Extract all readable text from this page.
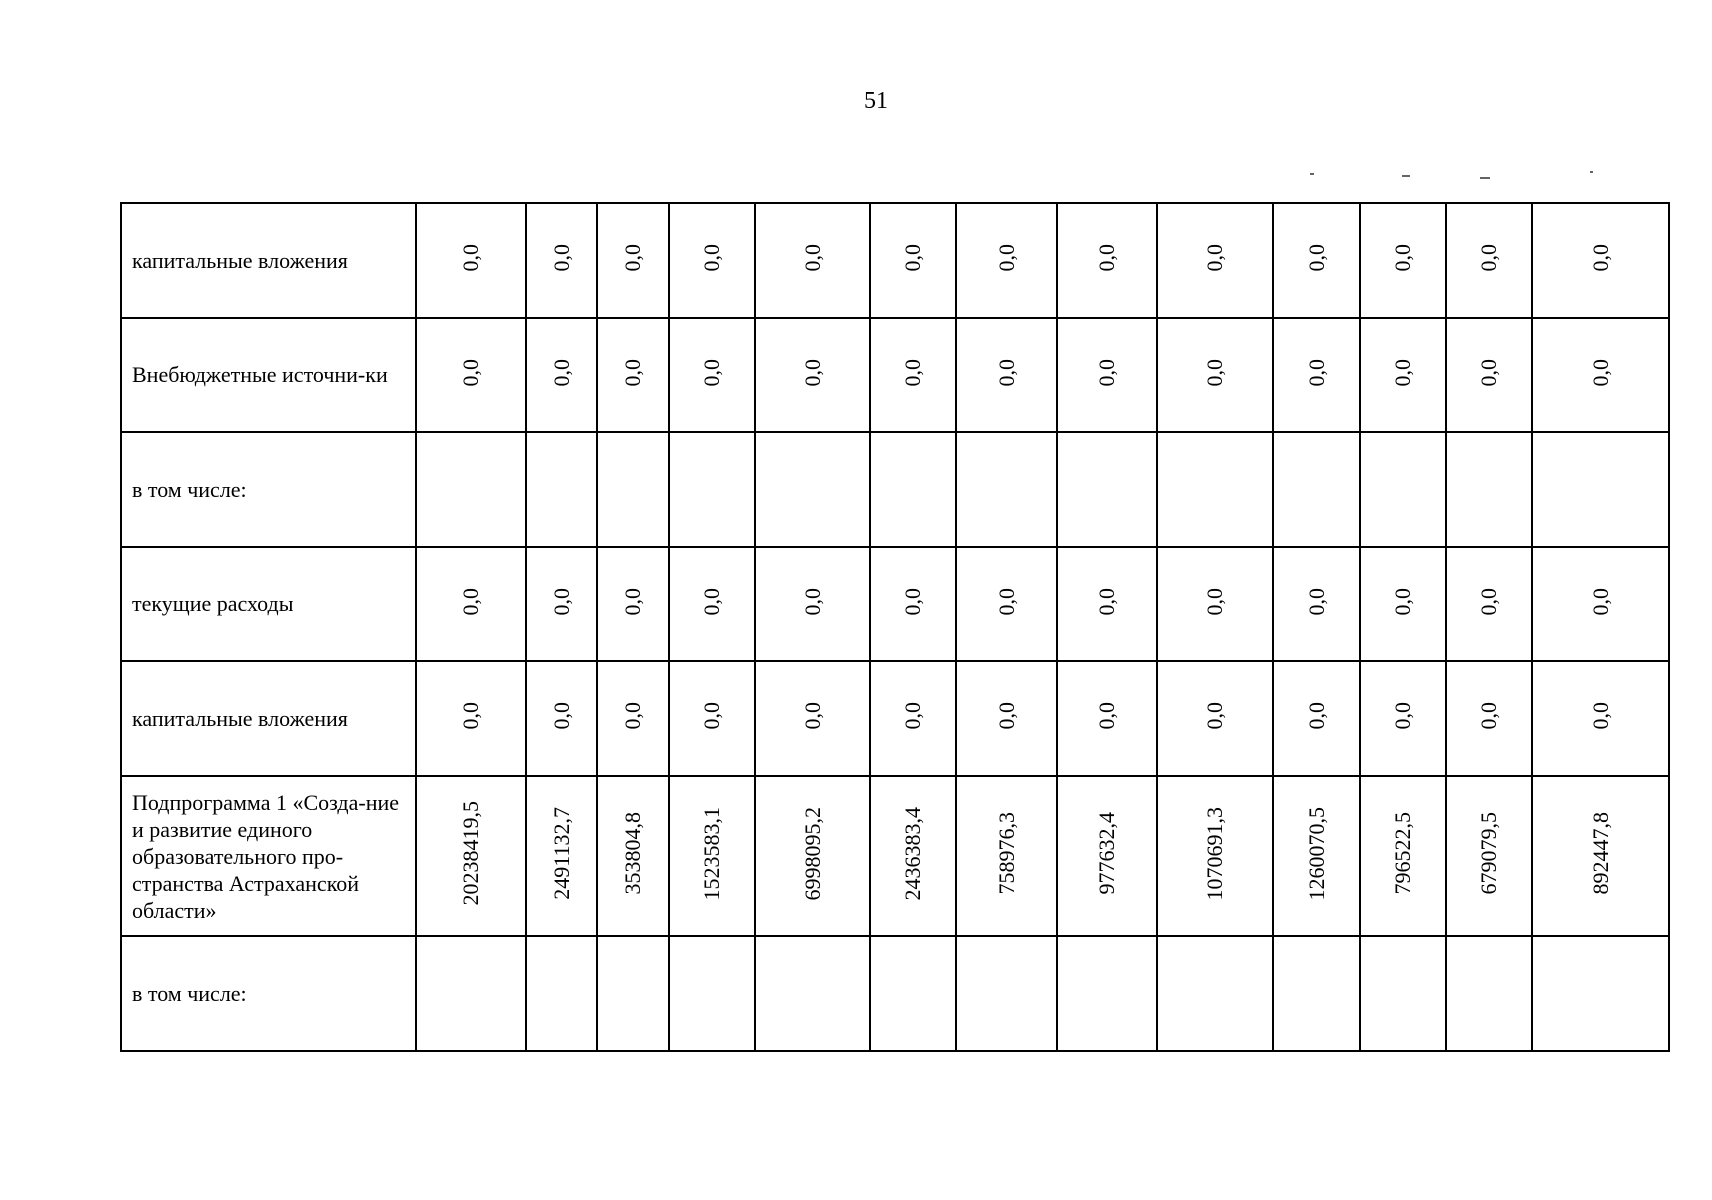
51
капитальные вложения	0,0	0,0	0,0	0,0	0,0	0,0	0,0	0,0	0,0	0,0	0,0	0,0	0,0
Внебюджетные источни-ки	0,0	0,0	0,0	0,0	0,0	0,0	0,0	0,0	0,0	0,0	0,0	0,0	0,0
в том числе:													
текущие расходы	0,0	0,0	0,0	0,0	0,0	0,0	0,0	0,0	0,0	0,0	0,0	0,0	0,0
капитальные вложения	0,0	0,0	0,0	0,0	0,0	0,0	0,0	0,0	0,0	0,0	0,0	0,0	0,0
Подпрограмма 1 «Созда-ние и развитие единого образовательного про-странства Астраханской области»	20238419,5	2491132,7	353804,8	1523583,1	6998095,2	2436383,4	758976,3	977632,4	1070691,3	1260070,5	796522,5	679079,5	892447,8
в том числе:													
